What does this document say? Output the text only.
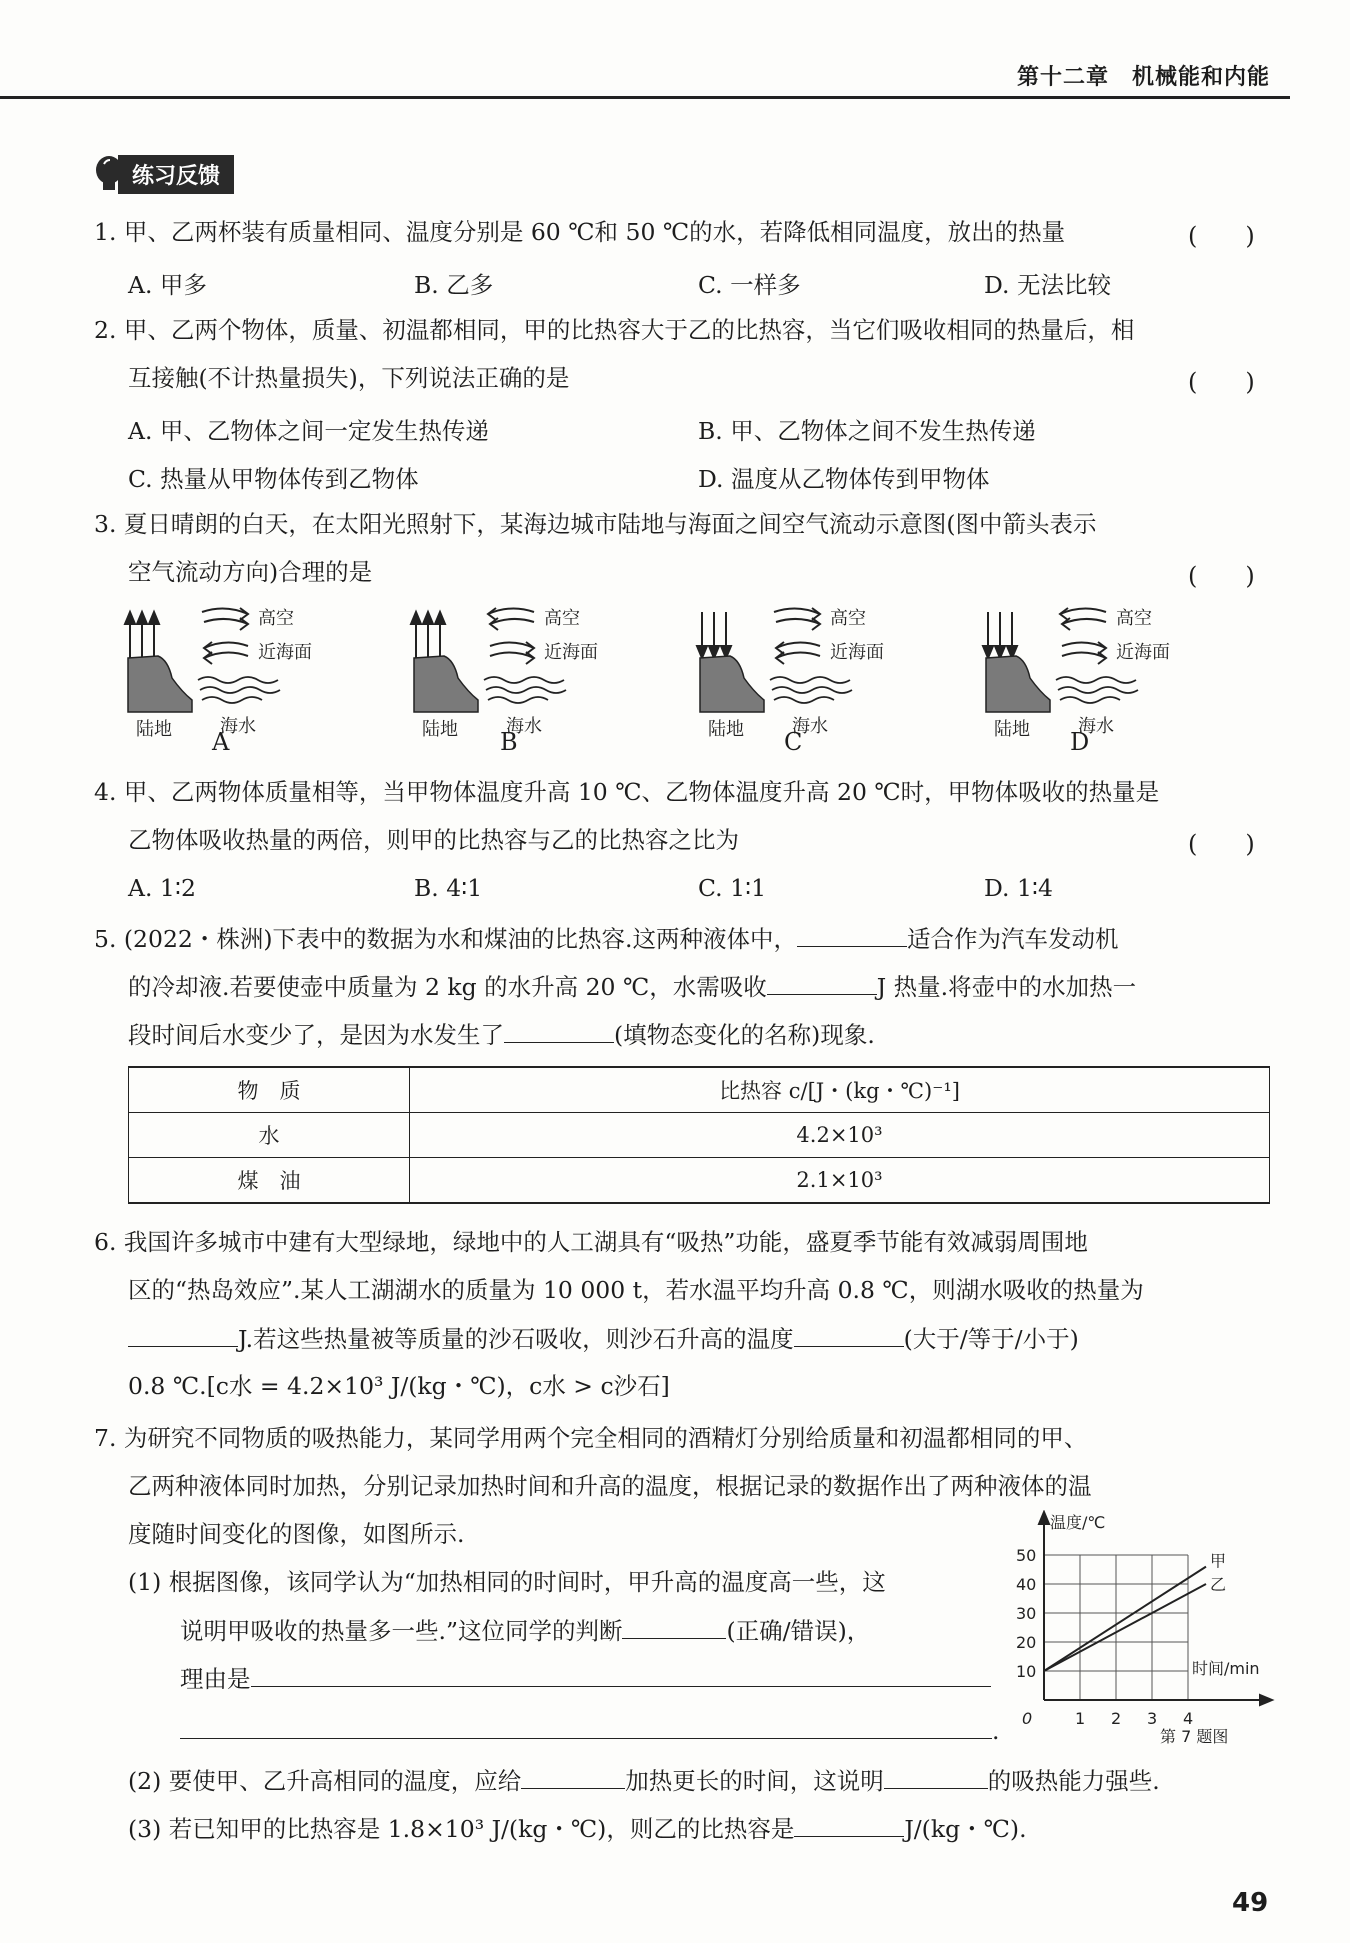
第十二章　机械能和内能
练习反馈
1. 甲、乙两杯装有质量相同、温度分别是 60 ℃和 50 ℃的水，若降低相同温度，放出的热量	(　　)
A. 甲多	B. 乙多	C. 一样多	D. 无法比较
2. 甲、乙两个物体，质量、初温都相同，甲的比热容大于乙的比热容，当它们吸收相同的热量后，相
互接触(不计热量损失)，下列说法正确的是	(　　)
A. 甲、乙物体之间一定发生热传递	B. 甲、乙物体之间不发生热传递
C. 热量从甲物体传到乙物体	D. 温度从乙物体传到甲物体
3. 夏日晴朗的白天，在太阳光照射下，某海边城市陆地与海面之间空气流动示意图(图中箭头表示
空气流动方向)合理的是	(　　)
高空
近海面
陆地	海水
A
高空
近海面
陆地	海水
B
高空
近海面
陆地	海水
C
高空
近海面
陆地	海水
D
4. 甲、乙两物体质量相等，当甲物体温度升高 10 ℃、乙物体温度升高 20 ℃时，甲物体吸收的热量是
乙物体吸收热量的两倍，则甲的比热容与乙的比热容之比为	(　　)
A. 1∶2	B. 4∶1	C. 1∶1	D. 1∶4
5. (2022・株洲)下表中的数据为水和煤油的比热容.这两种液体中，	适合作为汽车发动机
的冷却液.若要使壶中质量为 2 kg 的水升高 20 ℃，水需吸收	J 热量.将壶中的水加热一
段时间后水变少了，是因为水发生了	(填物态变化的名称)现象.
物　质	比热容 c/[J・(kg・℃)⁻¹]
水	4.2×10³
煤　油	2.1×10³
6. 我国许多城市中建有大型绿地，绿地中的人工湖具有“吸热”功能，盛夏季节能有效减弱周围地
区的“热岛效应”.某人工湖湖水的质量为 10 000 t，若水温平均升高 0.8 ℃，则湖水吸收的热量为
J.若这些热量被等质量的沙石吸收，则沙石升高的温度	(大于/等于/小于)
0.8 ℃.[c水 = 4.2×10³ J/(kg・℃)，c水 > c沙石]
7. 为研究不同物质的吸热能力，某同学用两个完全相同的酒精灯分别给质量和初温都相同的甲、
乙两种液体同时加热，分别记录加热时间和升高的温度，根据记录的数据作出了两种液体的温
度随时间变化的图像，如图所示.
(1) 根据图像，该同学认为“加热相同的时间时，甲升高的温度高一些，这
说明甲吸收的热量多一些.”这位同学的判断	(正确/错误)，
理由是
.
(2) 要使甲、乙升高相同的温度，应给	加热更长的时间，这说明	的吸热能力强些.
(3) 若已知甲的比热容是 1.8×10³ J/(kg・℃)，则乙的比热容是	J/(kg・℃).
温度/℃
时间/min
10
20
30
40
50
0	1 2 3 4
甲
乙
第 7 题图
49
